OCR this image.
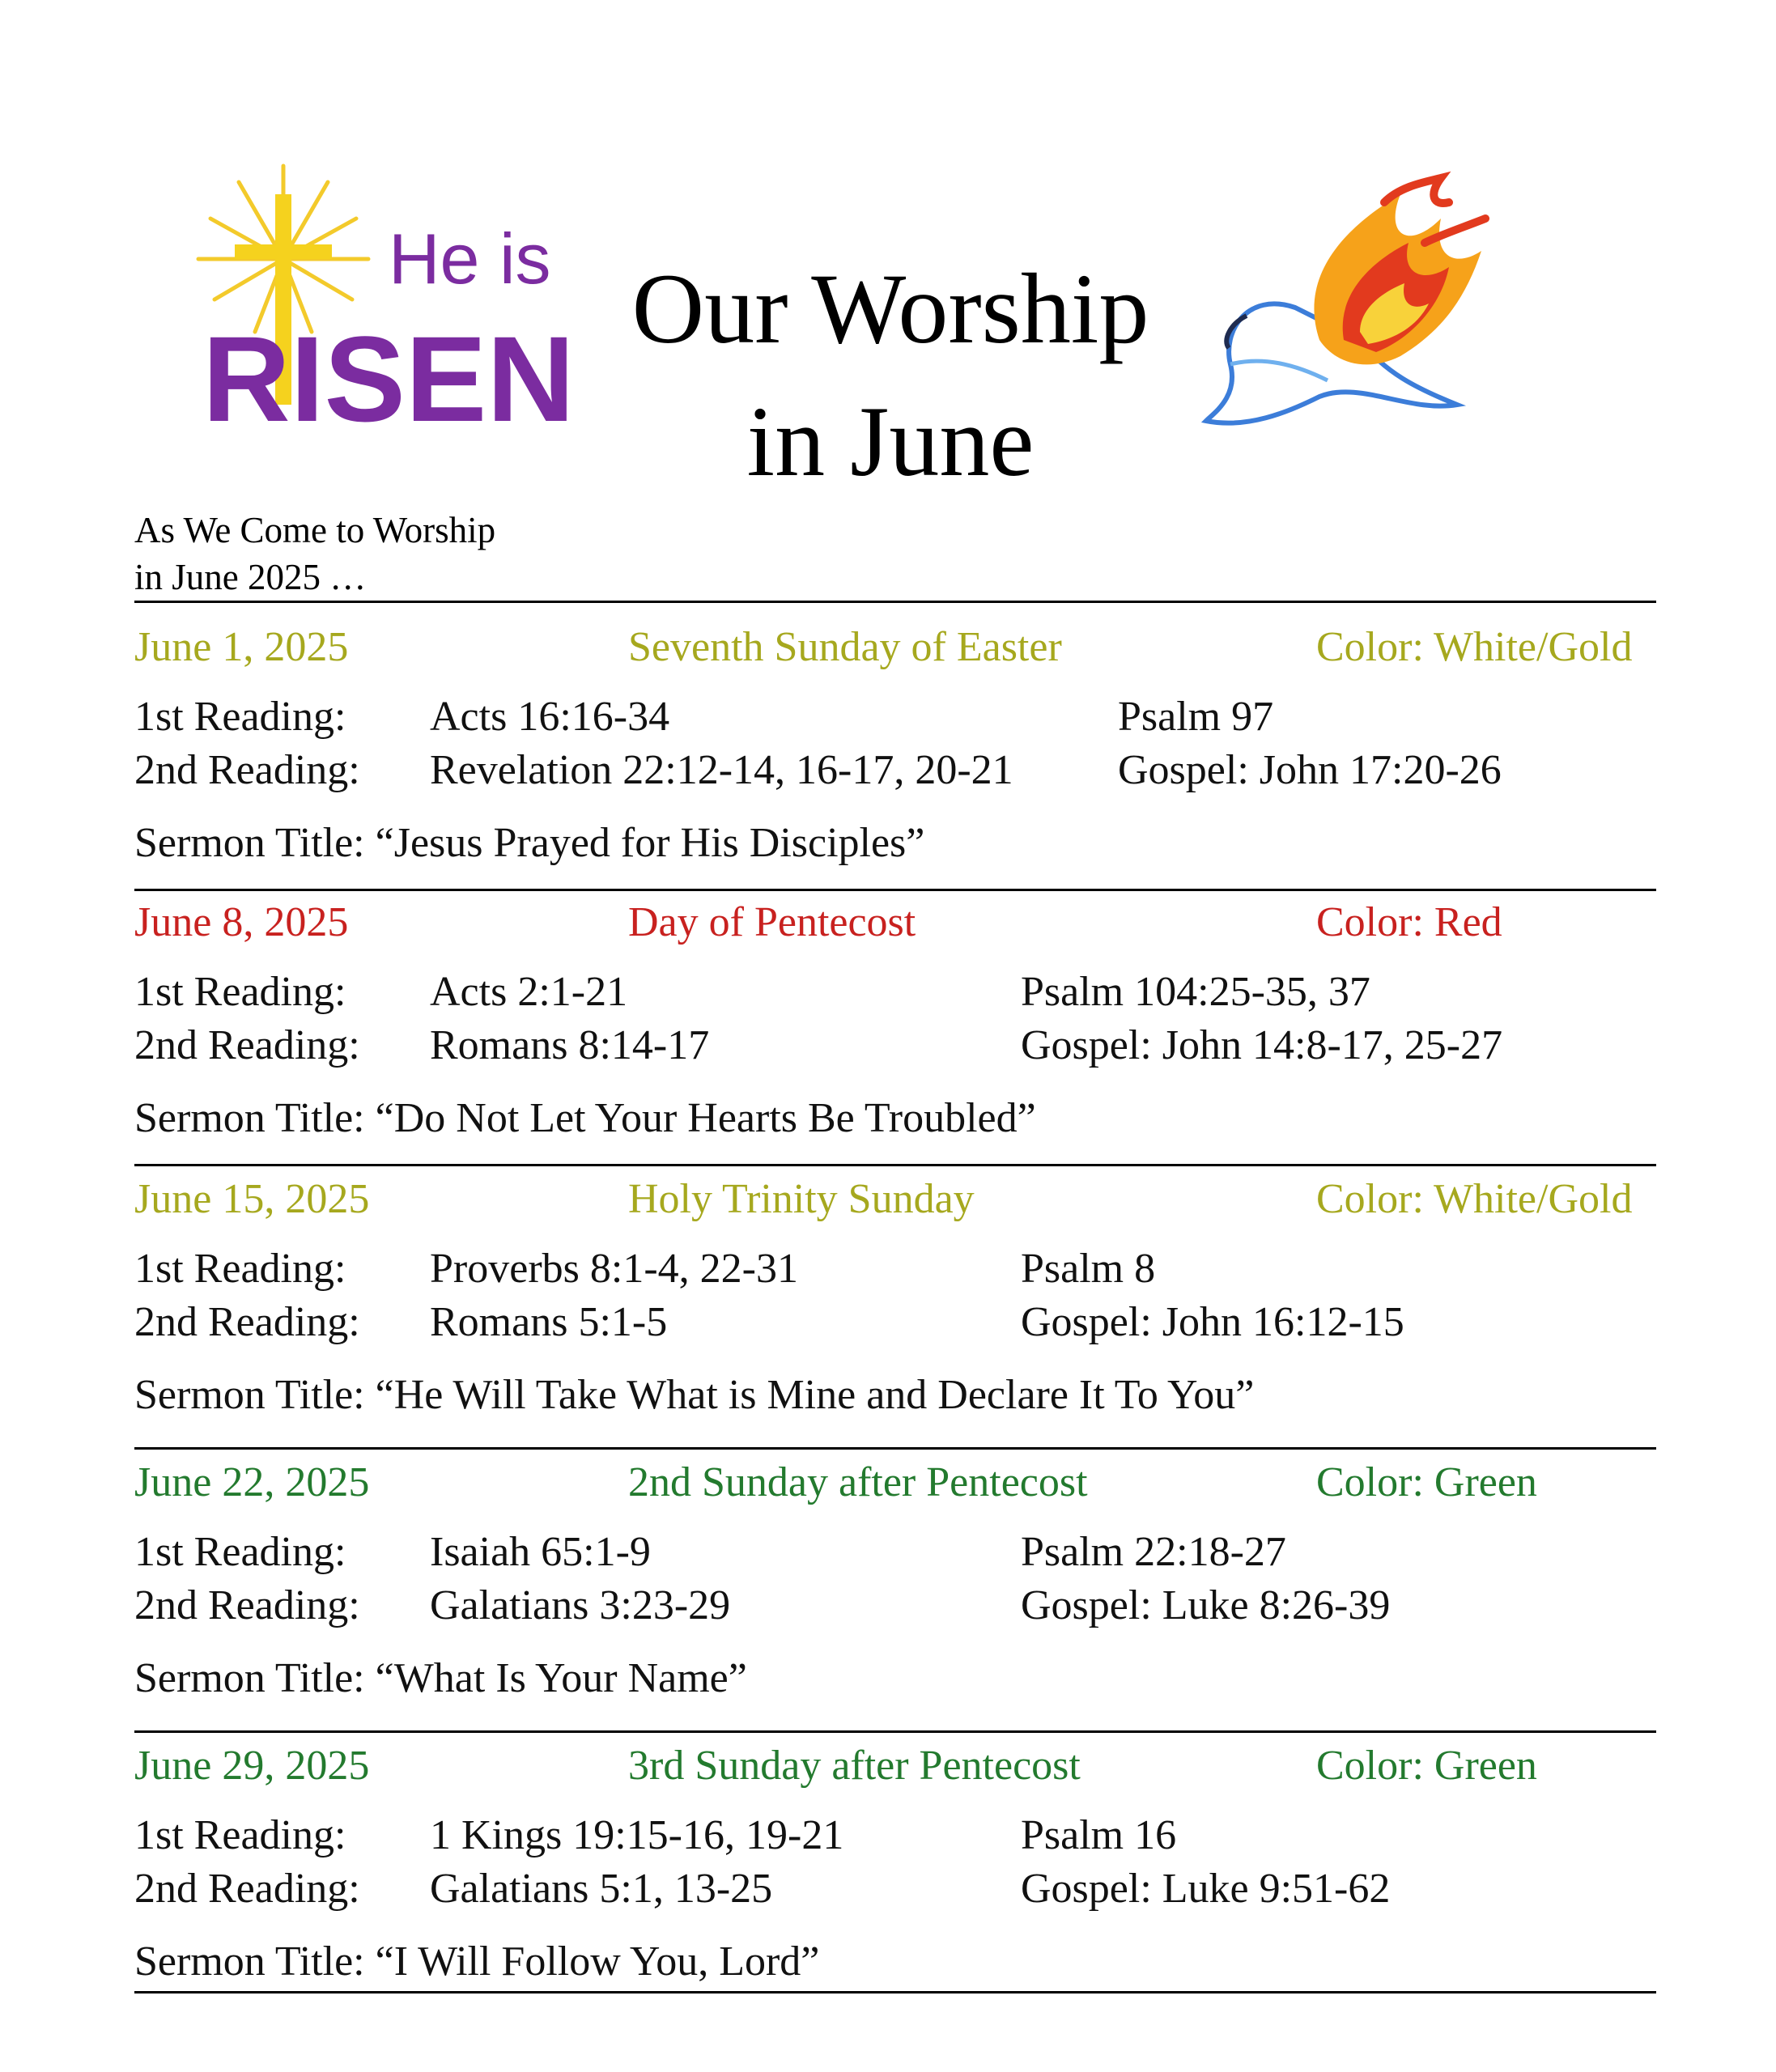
He is
RISEN
Our Worship
in June
As We Come to Worship
in June 2025 …
June 1, 2025	Seventh Sunday of Easter	Color: White/Gold
1st Reading: Acts 16:16-34	Psalm 97
2nd Reading: Revelation 22:12-14, 16-17, 20-21 Gospel: John 17:20-26
Sermon Title: “Jesus Prayed for His Disciples”
June 8, 2025	Day of Pentecost	Color: Red
1st Reading: Acts 2:1-21	Psalm 104:25-35, 37
2nd Reading: Romans 8:14-17	Gospel: John 14:8-17, 25-27
Sermon Title: “Do Not Let Your Hearts Be Troubled”
June 15, 2025	Holy Trinity Sunday	Color: White/Gold
1st Reading: Proverbs 8:1-4, 22-31	Psalm 8
2nd Reading: Romans 5:1-5	Gospel: John 16:12-15
Sermon Title: “He Will Take What is Mine and Declare It To You”
June 22, 2025	2nd Sunday after Pentecost	Color: Green
1st Reading: Isaiah 65:1-9	Psalm 22:18-27
2nd Reading: Galatians 3:23-29	Gospel: Luke 8:26-39
Sermon Title: “What Is Your Name”
June 29, 2025	3rd Sunday after Pentecost	Color: Green
1st Reading: 1 Kings 19:15-16, 19-21	Psalm 16
2nd Reading: Galatians 5:1, 13-25	Gospel: Luke 9:51-62
Sermon Title: “I Will Follow You, Lord”
